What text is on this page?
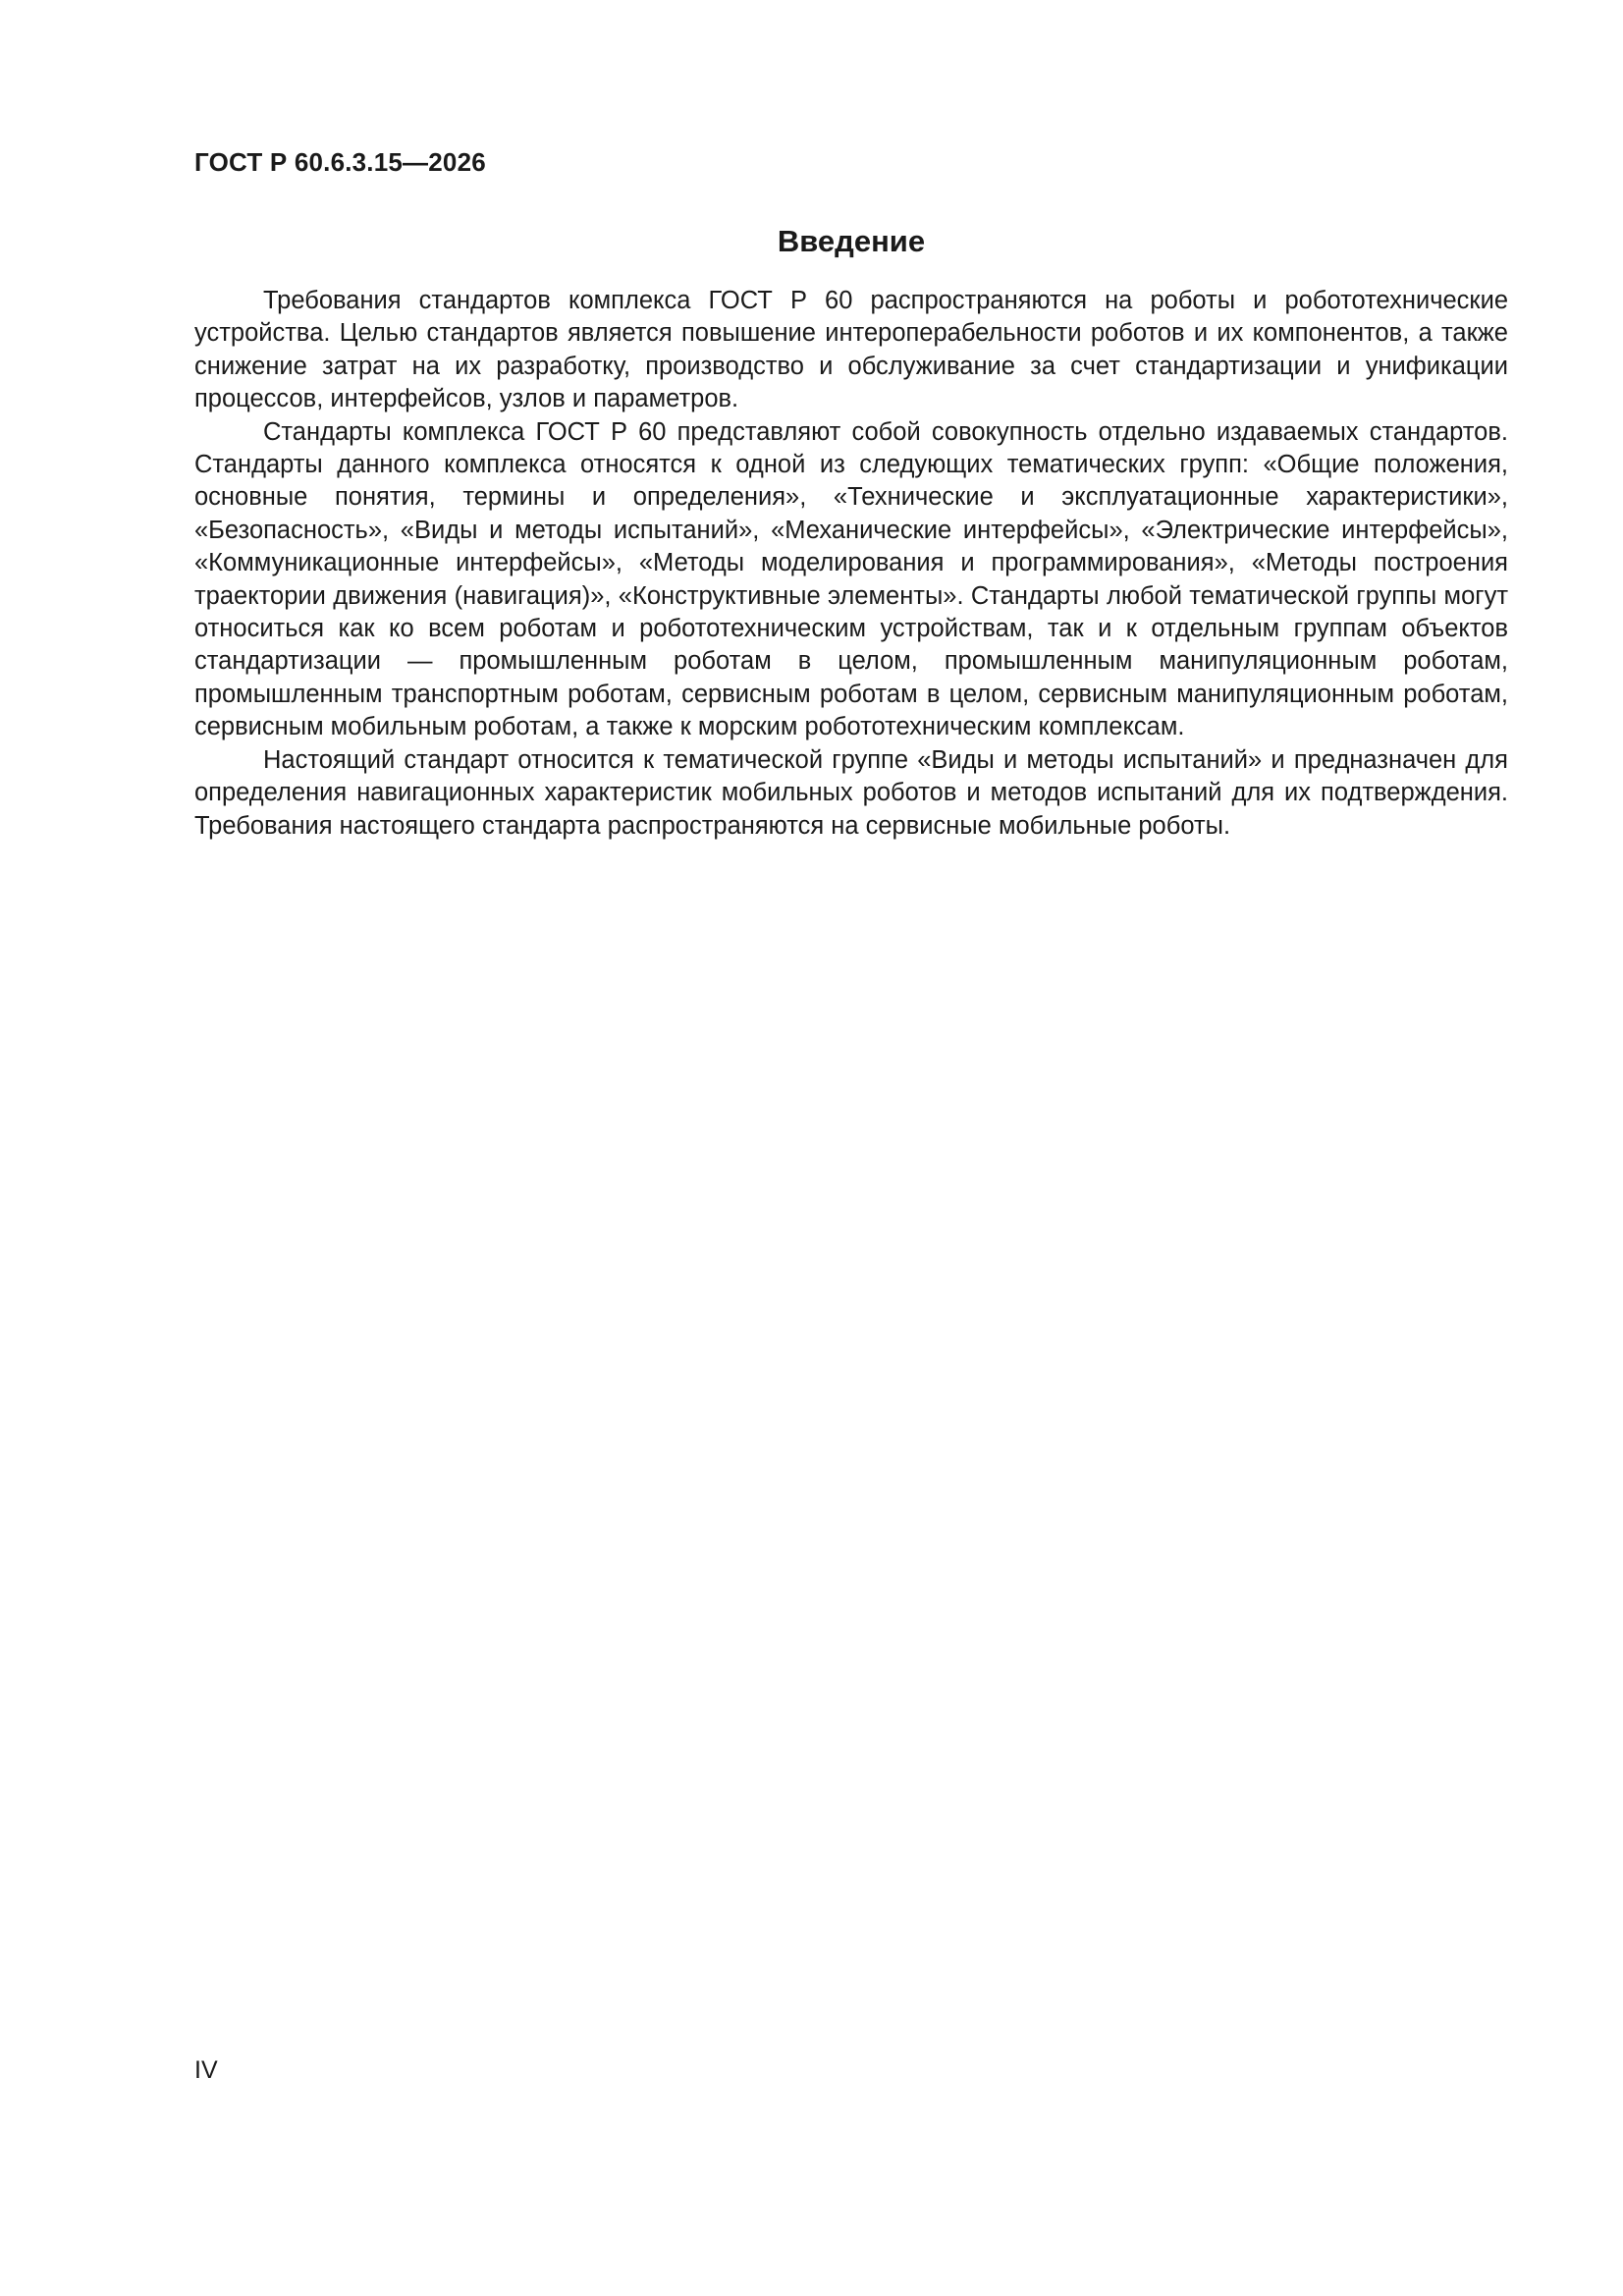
ГОСТ Р 60.6.3.15—2026
Введение

Требования стандартов комплекса ГОСТ Р 60 распространяются на роботы и робототехнические устройства. Целью стандартов является повышение интероперабельности роботов и их компонентов, а также снижение затрат на их разработку, производство и обслуживание за счет стандартизации и унификации процессов, интерфейсов, узлов и параметров.

Стандарты комплекса ГОСТ Р 60 представляют собой совокупность отдельно издаваемых стандартов. Стандарты данного комплекса относятся к одной из следующих тематических групп: «Общие положения, основные понятия, термины и определения», «Технические и эксплуатационные характеристики», «Безопасность», «Виды и методы испытаний», «Механические интерфейсы», «Электрические интерфейсы», «Коммуникационные интерфейсы», «Методы моделирования и программирования», «Методы построения траектории движения (навигация)», «Конструктивные элементы». Стандарты любой тематической группы могут относиться как ко всем роботам и робототехническим устройствам, так и к отдельным группам объектов стандартизации — промышленным роботам в целом, промышленным манипуляционным роботам, промышленным транспортным роботам, сервисным роботам в целом, сервисным манипуляционным роботам, сервисным мобильным роботам, а также к морским робототехническим комплексам.

Настоящий стандарт относится к тематической группе «Виды и методы испытаний» и предназначен для определения навигационных характеристик мобильных роботов и методов испытаний для их подтверждения. Требования настоящего стандарта распространяются на сервисные мобильные роботы.

IV
